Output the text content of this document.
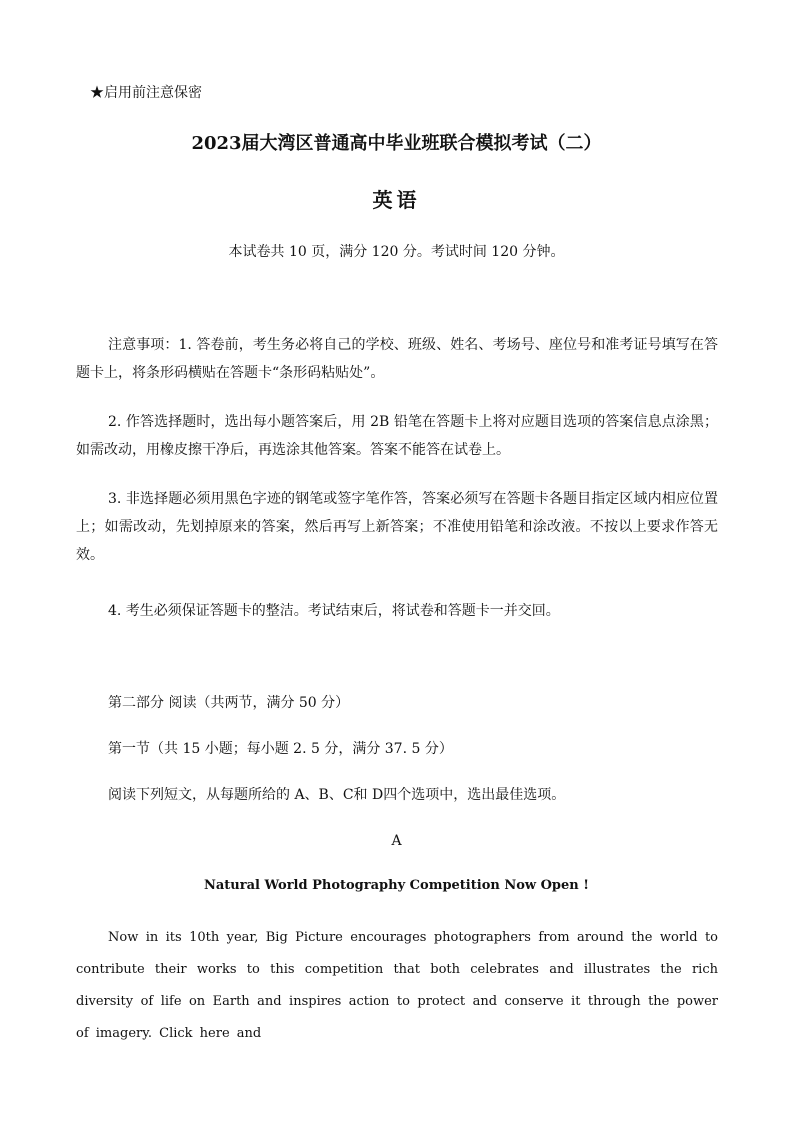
★启用前注意保密
2023届大湾区普通高中毕业班联合模拟考试（二）
英语
本试卷共 10 页，满分 120 分。考试时间 120 分钟。
注意事项：1. 答卷前，考生务必将自己的学校、班级、姓名、考场号、座位号和准考证号填写在答题卡上，将条形码横贴在答题卡“条形码粘贴处”。
2. 作答选择题时，选出每小题答案后，用 2B 铅笔在答题卡上将对应题目选项的答案信息点涂黑；如需改动，用橡皮擦干净后，再选涂其他答案。答案不能答在试卷上。
3. 非选择题必须用黑色字迹的钢笔或签字笔作答，答案必须写在答题卡各题目指定区域内相应位置上；如需改动，先划掉原来的答案，然后再写上新答案；不准使用铅笔和涂改液。不按以上要求作答无效。
4. 考生必须保证答题卡的整洁。考试结束后，将试卷和答题卡一并交回。
第二部分 阅读（共两节，满分 50 分）
第一节（共 15 小题；每小题 2. 5 分，满分 37. 5 分）
阅读下列短文，从每题所给的 A、B、C和 D四个选项中，选出最佳选项。
A
Natural World Photography Competition Now Open !
Now in its 10th year, Big Picture encourages photographers from around the world to contribute their works to this competition that both celebrates and illustrates the rich diversity of life on Earth and inspires action to protect and conserve it through the power of imagery. Click here and
